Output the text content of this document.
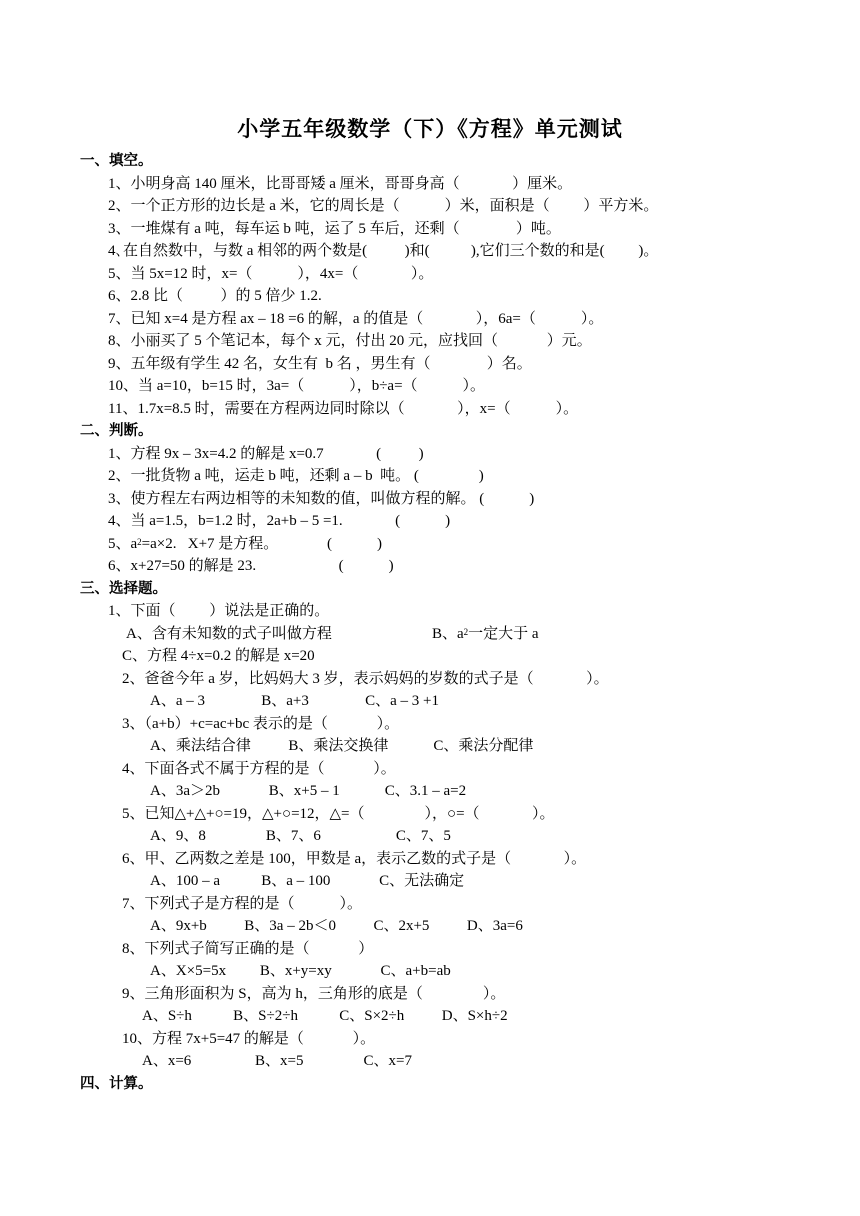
小学五年级数学（下）《方程》单元测试
一、填空。
1、小明身高 140 厘米，比哥哥矮 a 厘米，哥哥身高（              ）厘米。
2、一个正方形的边长是 a 米，它的周长是（            ）米，面积是（         ）平方米。
3、一堆煤有 a 吨，每车运 b 吨，运了 5 车后，还剩（               ）吨。
4､在自然数中，与数 a 相邻的两个数是(          )和(           ),它们三个数的和是(         )。
5、当 5x=12 时，x=（            ），4x=（              ）。
6、2.8 比（          ）的 5 倍少 1.2.
7、已知 x=4 是方程 ax – 18 =6 的解，a 的值是（              ），6a=（            ）。
8、小丽买了 5 个笔记本，每个 x 元，付出 20 元，应找回（             ）元。
9、五年级有学生 42 名，女生有  b 名 ，男生有（               ）名。
10、当 a=10，b=15 时，3a=（            ），b÷a=（            ）。
11、1.7x=8.5 时，需要在方程两边同时除以（              ），x=（            ）。
二、判断。
1、方程 9x – 3x=4.2 的解是 x=0.7              (          )
2、一批货物 a 吨，运走 b 吨，还剩 a – b  吨。 (                )
3、使方程左右两边相等的未知数的值，叫做方程的解。 (            )
4、当 a=1.5，b=1.2 时，2a+b – 5 =1.              (            )
5、$a^2=a\times 2$.   X+7 是方程。             (            )
6、x+27=50 的解是 23.                      (            )
三、选择题。
1、下面（         ）说法是正确的。
A、含有未知数的式子叫做方程	B、$a^2$一定大于 a
C、方程 4÷x=0.2 的解是 x=20
2、爸爸今年 a 岁，比妈妈大 3 岁，表示妈妈的岁数的式子是（              ）。
A、a – 3               B、a+3               C、a – 3 +1
3、（a+b）+c=ac+bc 表示的是（             ）。
A、乘法结合律          B、乘法交换律            C、乘法分配律
4、下面各式不属于方程的是（             ）。
A、3a＞2b             B、x+5 – 1            C、3.1 – a=2
5、已知△+△+○=19，△+○=12，△=（                ），○=（              ）。
A、9、8                B、7、6                    C、7、5
6、甲、乙两数之差是 100，甲数是 a，表示乙数的式子是（              ）。
A、100 – a           B、a – 100             C、无法确定
7、下列式子是方程的是（            ）。
A、9x+b          B、3a – 2b＜0          C、2x+5          D、3a=6
8、下列式子简写正确的是（             ）
A、X×5=5x         B、x+y=xy             C、a+b=ab
9、三角形面积为 S，高为 h，三角形的底是（                ）。
A、S÷h           B、S÷2÷h           C、S×2÷h          D、S×h÷2
10、方程 7x+5=47 的解是（             ）。
A、x=6                 B、x=5                C、x=7
四、计算。
